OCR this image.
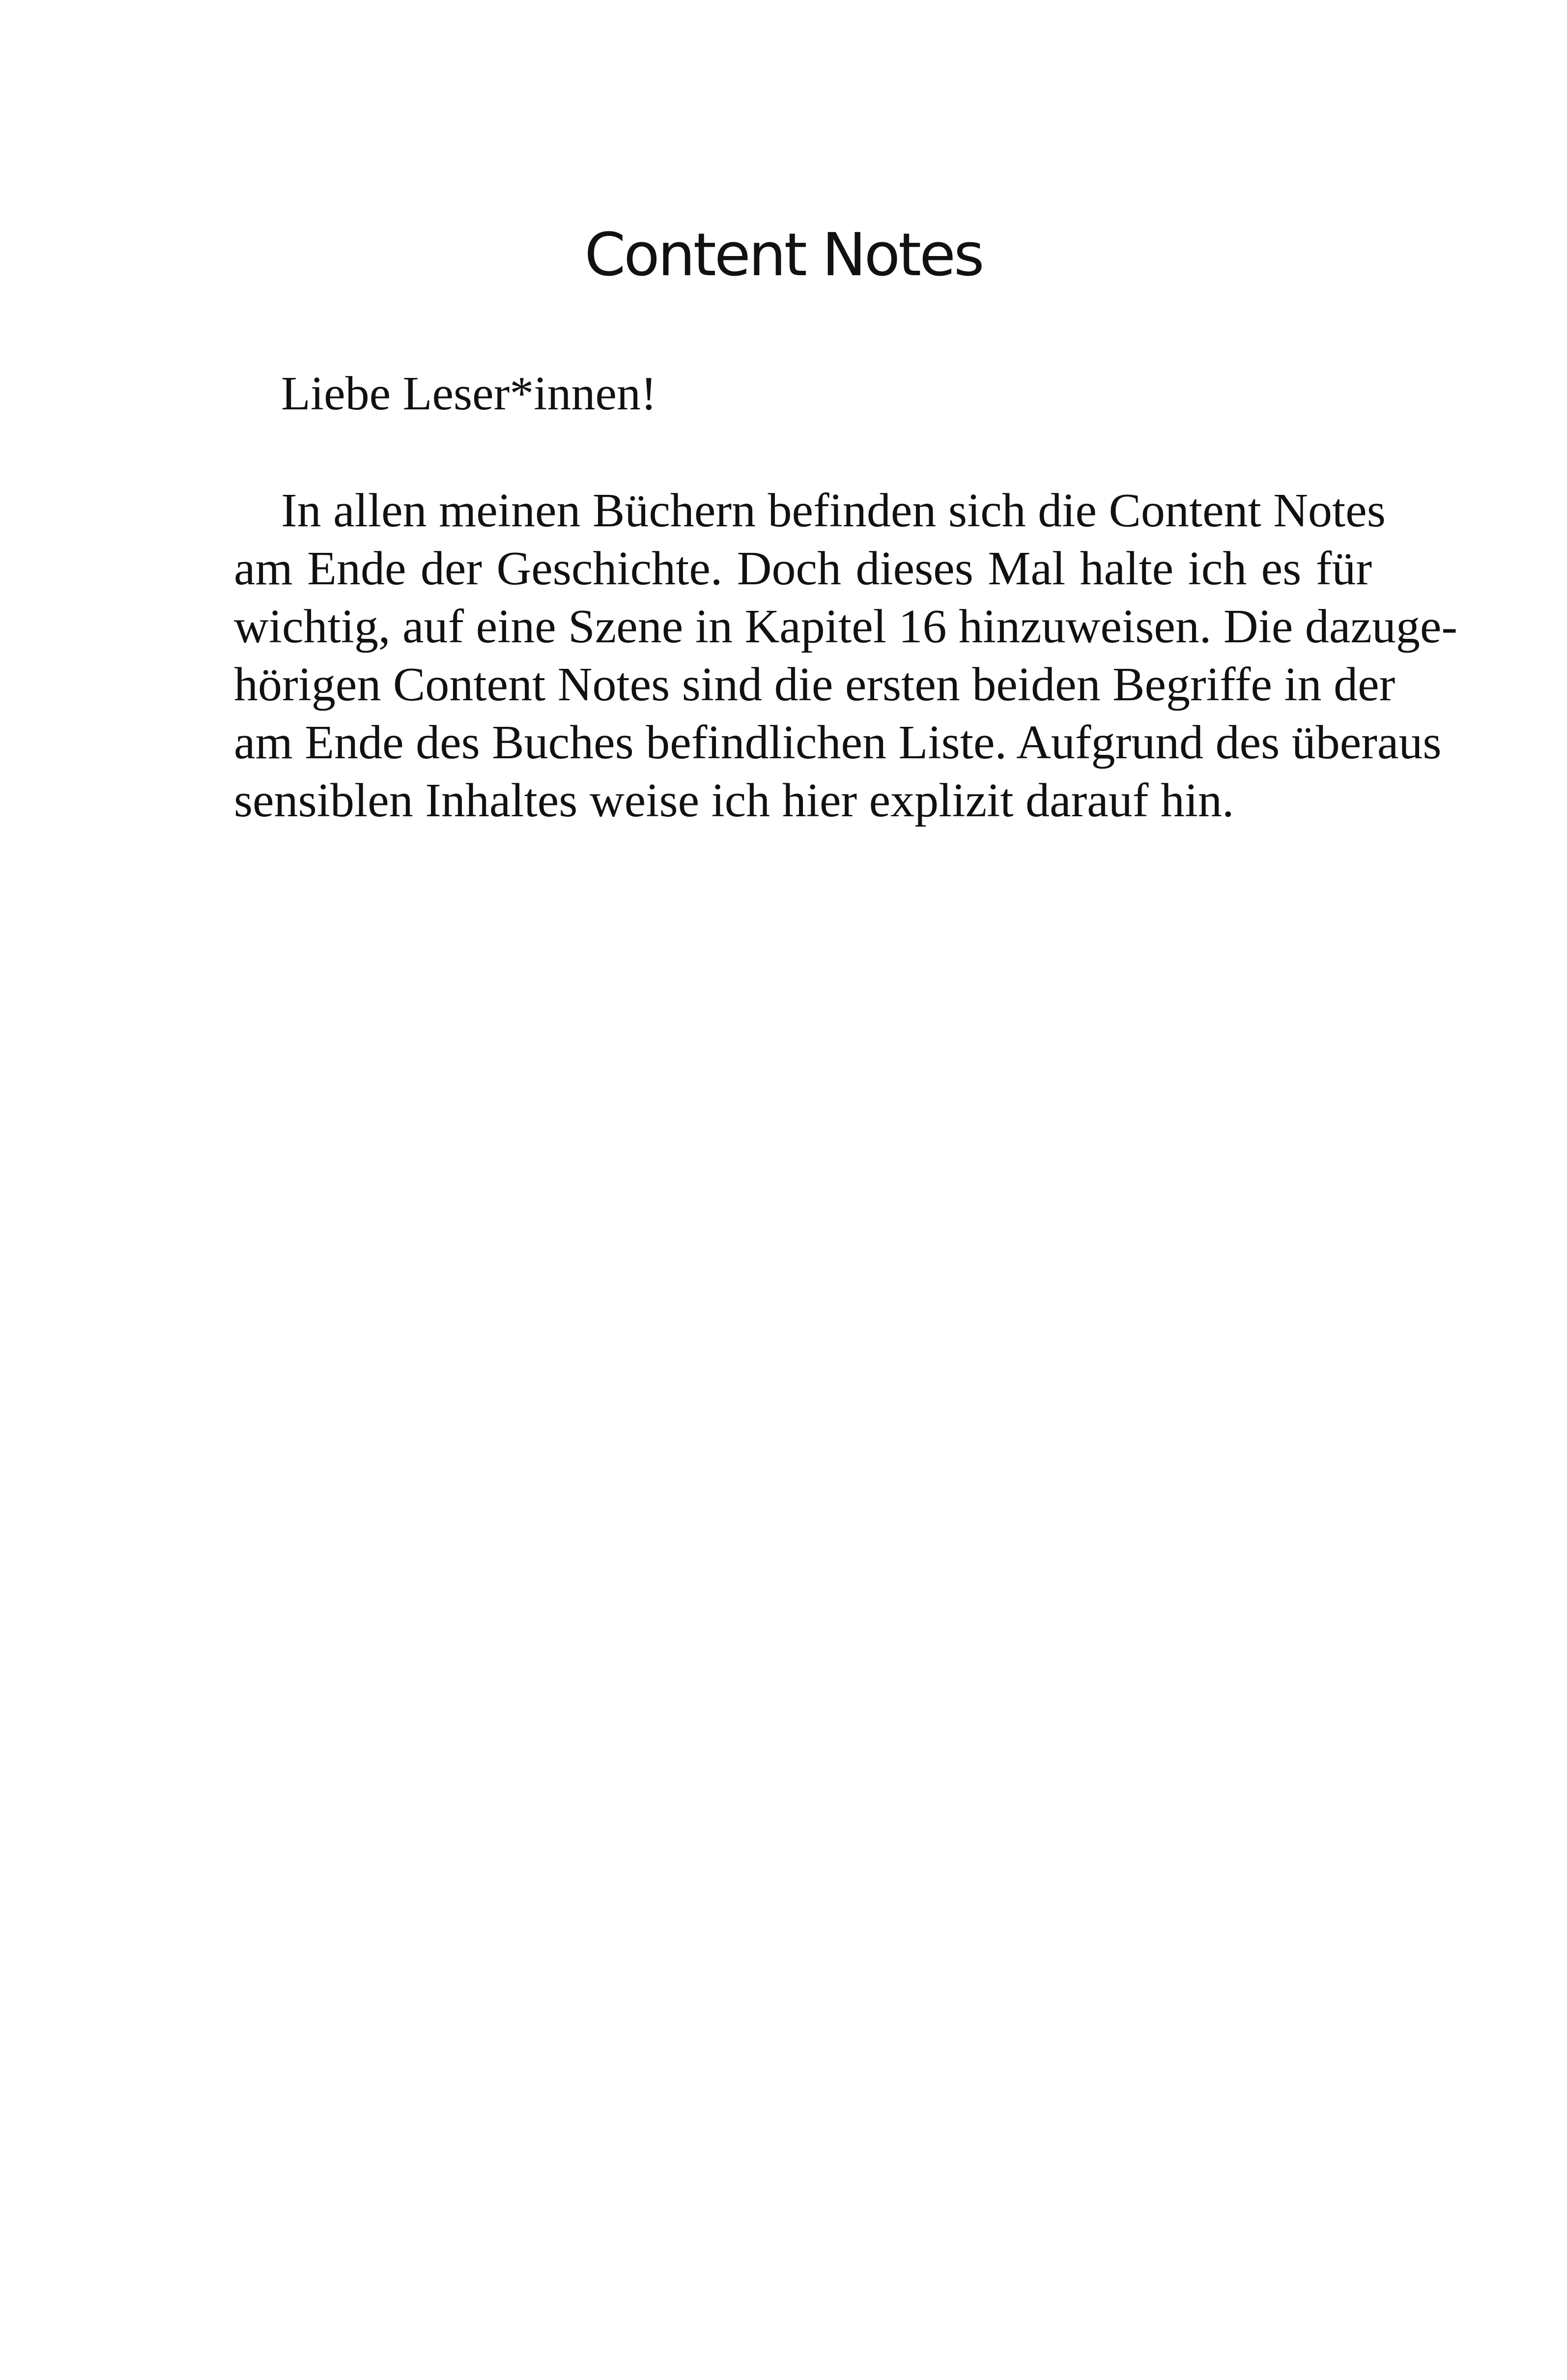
Content Notes

Liebe Leser*innen!

In allen meinen Büchern befinden sich die Content Notes
am Ende der Geschichte. Doch dieses Mal halte ich es für
wichtig, auf eine Szene in Kapitel 16 hinzuweisen. Die dazuge-
hörigen Content Notes sind die ersten beiden Begriffe in der
am Ende des Buches befindlichen Liste. Aufgrund des überaus
sensiblen Inhaltes weise ich hier explizit darauf hin.
